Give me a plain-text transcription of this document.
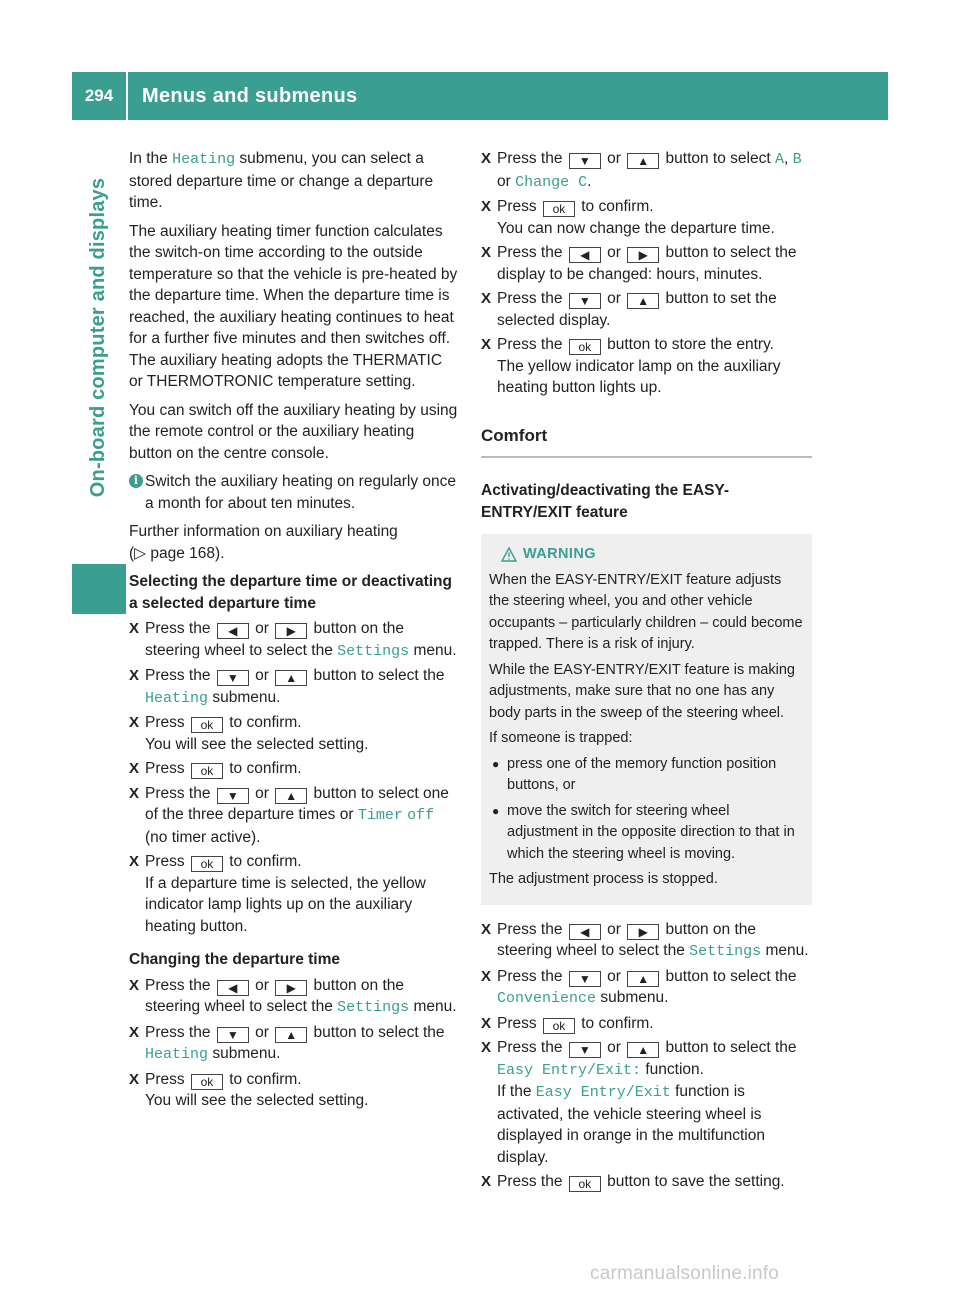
294	Menus and submenus
On-board computer and displays

In the Heating submenu, you can select a stored departure time or change a departure time.

The auxiliary heating timer function calculates the switch-on time according to the outside temperature so that the vehicle is pre-heated by the departure time. When the departure time is reached, the auxiliary heating continues to heat for a further five minutes and then switches off. The auxiliary heating adopts the THERMATIC or THERMOTRONIC temperature setting.

You can switch off the auxiliary heating by using the remote control or the auxiliary heating button on the centre console.

i Switch the auxiliary heating on regularly once a month for about ten minutes.

Further information on auxiliary heating
(▷ page 168).

Selecting the departure time or deactivating a selected departure time
X Press the ◀ or ▶ button on the steering wheel to select the Settings menu.
X Press the ▼ or ▲ button to select the Heating submenu.
X Press ok to confirm.
You will see the selected setting.
X Press ok to confirm.
X Press the ▼ or ▲ button to select one of the three departure times or Timer off (no timer active).
X Press ok to confirm.
If a departure time is selected, the yellow indicator lamp lights up on the auxiliary heating button.
Changing the departure time
X Press the ◀ or ▶ button on the steering wheel to select the Settings menu.
X Press the ▼ or ▲ button to select the Heating submenu.
X Press ok to confirm.
You will see the selected setting.
X Press the ▼ or ▲ button to select A, B or Change C.
X Press ok to confirm.
You can now change the departure time.
X Press the ◀ or ▶ button to select the display to be changed: hours, minutes.
X Press the ▼ or ▲ button to set the selected display.
X Press the ok button to store the entry.
The yellow indicator lamp on the auxiliary heating button lights up.
Comfort
Activating/deactivating the EASY-ENTRY/EXIT feature
WARNING

When the EASY-ENTRY/EXIT feature adjusts the steering wheel, you and other vehicle occupants – particularly children – could become trapped. There is a risk of injury.

While the EASY-ENTRY/EXIT feature is making adjustments, make sure that no one has any body parts in the sweep of the steering wheel.

If someone is trapped:

● press one of the memory function position buttons, or
● move the switch for steering wheel adjustment in the opposite direction to that in which the steering wheel is moving.

The adjustment process is stopped.

X Press the ◀ or ▶ button on the steering wheel to select the Settings menu.
X Press the ▼ or ▲ button to select the Convenience submenu.
X Press ok to confirm.
X Press the ▼ or ▲ button to select the Easy Entry/Exit: function.
If the Easy Entry/Exit function is activated, the vehicle steering wheel is displayed in orange in the multifunction display.
X Press the ok button to save the setting.
carmanualsonline.info
